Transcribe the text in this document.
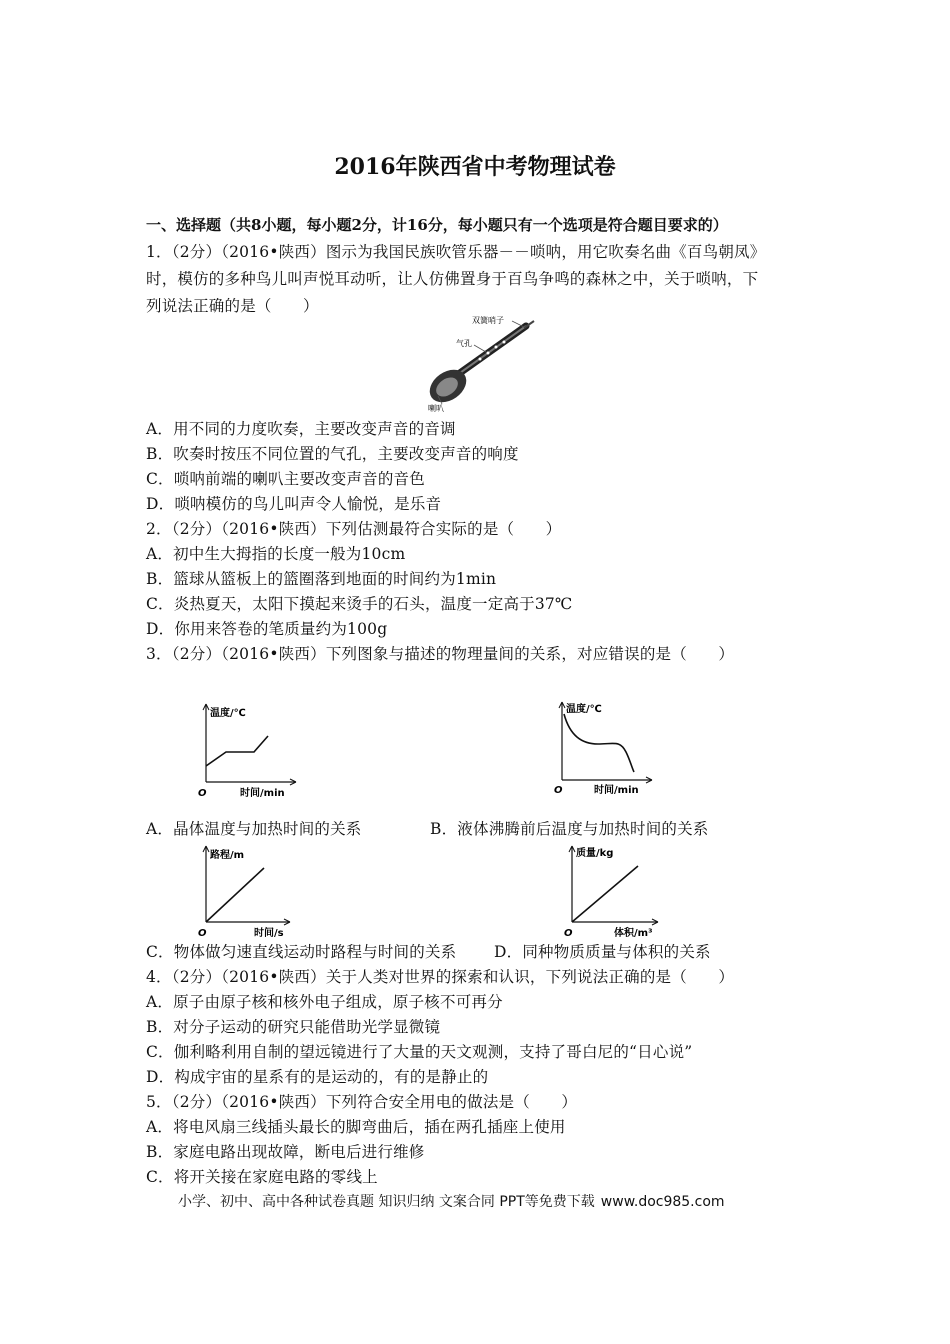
2016年陕西省中考物理试卷
一、选择题（共8小题，每小题2分，计16分，每小题只有一个选项是符合题目要求的）
1．（2分）（2016•陕西）图示为我国民族吹管乐器－－唢呐，用它吹奏名曲《百鸟朝凤》
时，模仿的多种鸟儿叫声悦耳动听，让人仿佛置身于百鸟争鸣的森林之中，关于唢呐，下
列说法正确的是（　　）
双簧哨子
气孔
喇叭
A．用不同的力度吹奏，主要改变声音的音调
B．吹奏时按压不同位置的气孔，主要改变声音的响度
C．唢呐前端的喇叭主要改变声音的音色
D．唢呐模仿的鸟儿叫声令人愉悦，是乐音
2．（2分）（2016•陕西）下列估测最符合实际的是（　　）
A．初中生大拇指的长度一般为10cm
B．篮球从篮板上的篮圈落到地面的时间约为1min
C．炎热夏天，太阳下摸起来烫手的石头，温度一定高于37℃
D．你用来答卷的笔质量约为100g
3．（2分）（2016•陕西）下列图象与描述的物理量间的关系，对应错误的是（　　）
温度/℃
时间/min
O
温度/℃
时间/min
O
A．晶体温度与加热时间的关系	B．液体沸腾前后温度与加热时间的关系
路程/m
时间/s
O
质量/kg
体积/m³
O
C．物体做匀速直线运动时路程与时间的关系 D．同种物质质量与体积的关系
4．（2分）（2016•陕西）关于人类对世界的探索和认识，下列说法正确的是（　　）
A．原子由原子核和核外电子组成，原子核不可再分
B．对分子运动的研究只能借助光学显微镜
C．伽利略利用自制的望远镜进行了大量的天文观测，支持了哥白尼的“日心说”
D．构成宇宙的星系有的是运动的，有的是静止的
5．（2分）（2016•陕西）下列符合安全用电的做法是（　　）
A．将电风扇三线插头最长的脚弯曲后，插在两孔插座上使用
B．家庭电路出现故障，断电后进行维修
C．将开关接在家庭电路的零线上
小学、初中、高中各种试卷真题 知识归纳 文案合同 PPT等免费下载 www.doc985.com
